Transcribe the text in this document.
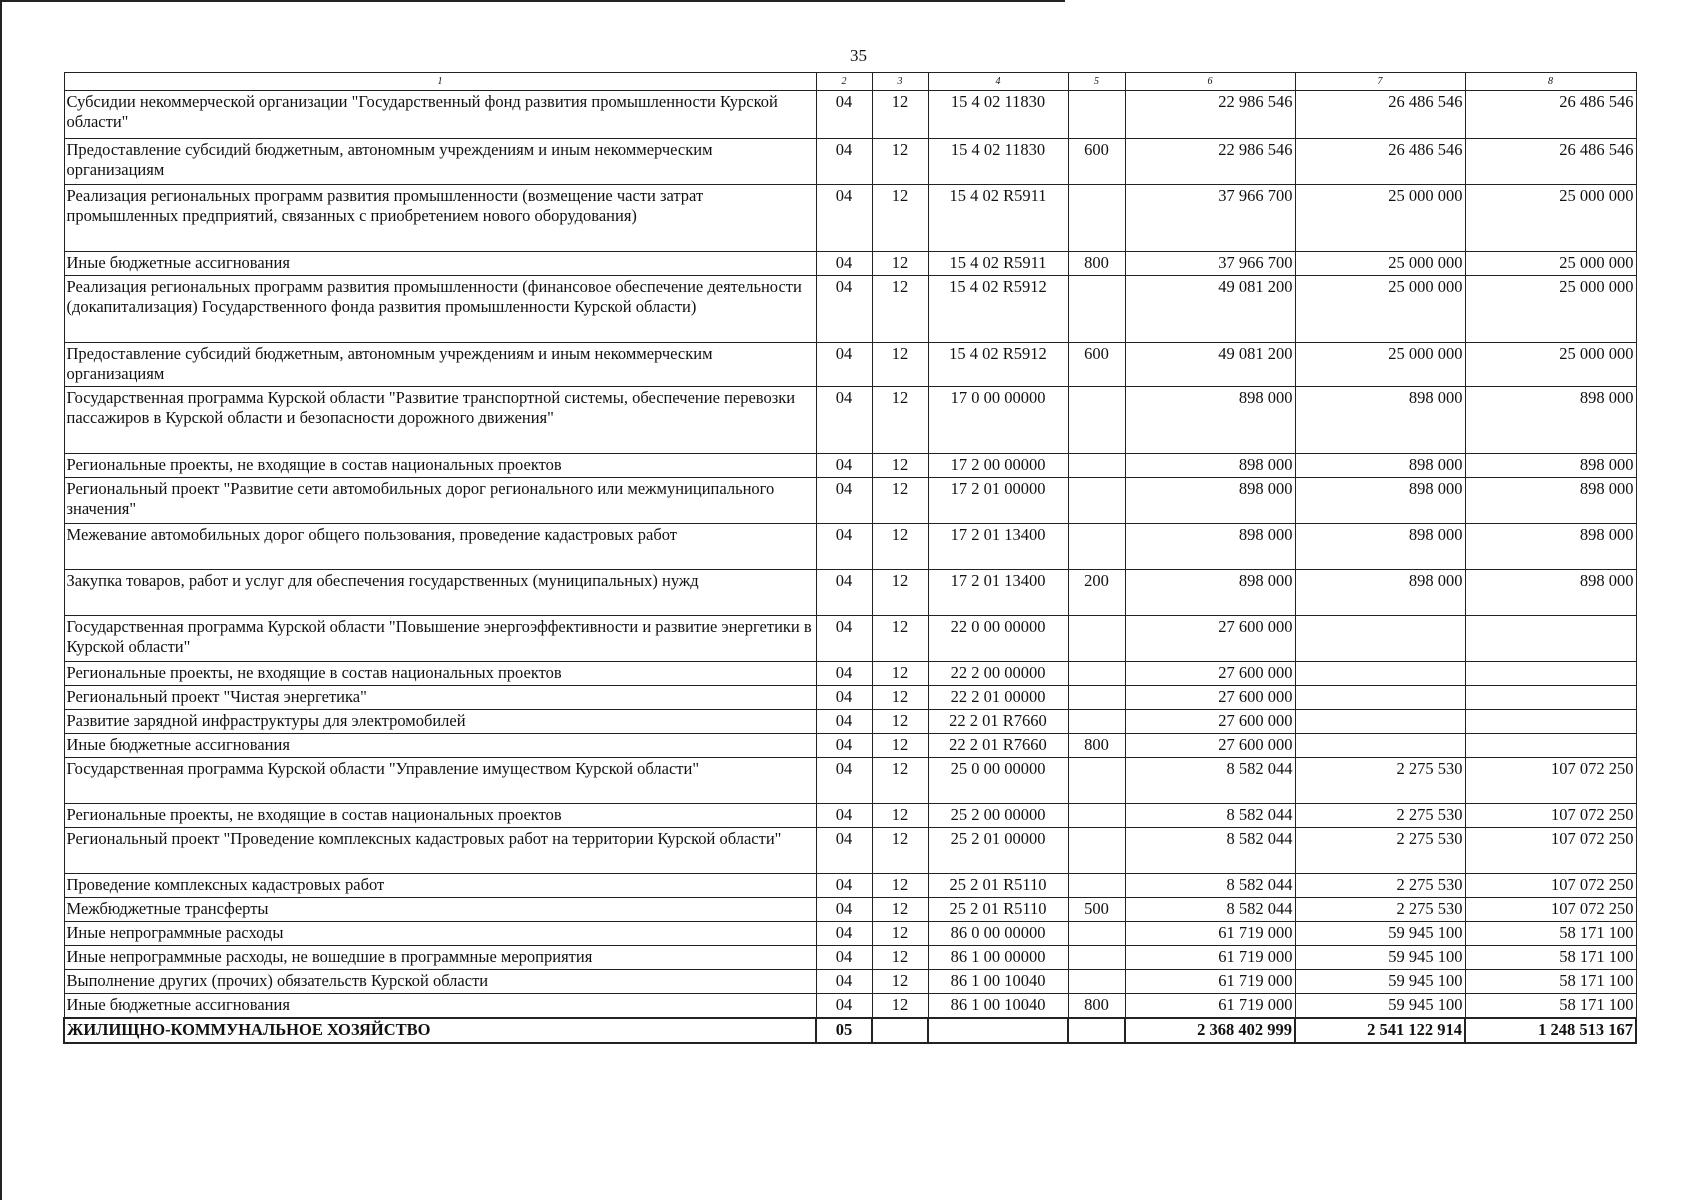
35
1	2	3	4	5	6	7	8
Субсидии некоммерческой организации "Государственный фонд развития промышленности Курской области"	04	12	15 4 02 11830		22 986 546	26 486 546	26 486 546
Предоставление субсидий бюджетным, автономным учреждениям и иным некоммерческим организациям	04	12	15 4 02 11830	600	22 986 546	26 486 546	26 486 546
Реализация региональных программ развития промышленности (возмещение части затрат промышленных предприятий, связанных с приобретением нового оборудования)	04	12	15 4 02 R5911		37 966 700	25 000 000	25 000 000
Иные бюджетные ассигнования	04	12	15 4 02 R5911	800	37 966 700	25 000 000	25 000 000
Реализация региональных программ развития промышленности (финансовое обеспечение деятельности (докапитализация) Государственного фонда развития промышленности Курской области)	04	12	15 4 02 R5912		49 081 200	25 000 000	25 000 000
Предоставление субсидий бюджетным, автономным учреждениям и иным некоммерческим организациям	04	12	15 4 02 R5912	600	49 081 200	25 000 000	25 000 000
Государственная программа Курской области "Развитие транспортной системы, обеспечение перевозки пассажиров в Курской области и безопасности дорожного движения"	04	12	17 0 00 00000		898 000	898 000	898 000
Региональные проекты, не входящие в состав национальных проектов	04	12	17 2 00 00000		898 000	898 000	898 000
Региональный проект "Развитие сети автомобильных дорог регионального или межмуниципального значения"	04	12	17 2 01 00000		898 000	898 000	898 000
Межевание автомобильных дорог общего пользования, проведение кадастровых работ	04	12	17 2 01 13400		898 000	898 000	898 000
Закупка товаров, работ и услуг для обеспечения государственных (муниципальных) нужд	04	12	17 2 01 13400	200	898 000	898 000	898 000
Государственная программа Курской области "Повышение энергоэффективности и развитие энергетики в Курской области"	04	12	22 0 00 00000		27 600 000		
Региональные проекты, не входящие в состав национальных проектов	04	12	22 2 00 00000		27 600 000		
Региональный проект "Чистая энергетика"	04	12	22 2 01 00000		27 600 000		
Развитие зарядной инфраструктуры для электромобилей	04	12	22 2 01 R7660		27 600 000		
Иные бюджетные ассигнования	04	12	22 2 01 R7660	800	27 600 000		
Государственная программа Курской области "Управление имуществом Курской области"	04	12	25 0 00 00000		8 582 044	2 275 530	107 072 250
Региональные проекты, не входящие в состав национальных проектов	04	12	25 2 00 00000		8 582 044	2 275 530	107 072 250
Региональный проект "Проведение комплексных кадастровых работ на территории Курской области"	04	12	25 2 01 00000		8 582 044	2 275 530	107 072 250
Проведение комплексных кадастровых работ	04	12	25 2 01 R5110		8 582 044	2 275 530	107 072 250
Межбюджетные трансферты	04	12	25 2 01 R5110	500	8 582 044	2 275 530	107 072 250
Иные непрограммные расходы	04	12	86 0 00 00000		61 719 000	59 945 100	58 171 100
Иные непрограммные расходы, не вошедшие в программные мероприятия	04	12	86 1 00 00000		61 719 000	59 945 100	58 171 100
Выполнение других (прочих) обязательств Курской области	04	12	86 1 00 10040		61 719 000	59 945 100	58 171 100
Иные бюджетные ассигнования	04	12	86 1 00 10040	800	61 719 000	59 945 100	58 171 100
ЖИЛИЩНО-КОММУНАЛЬНОЕ ХОЗЯЙСТВО	05				2 368 402 999	2 541 122 914	1 248 513 167
